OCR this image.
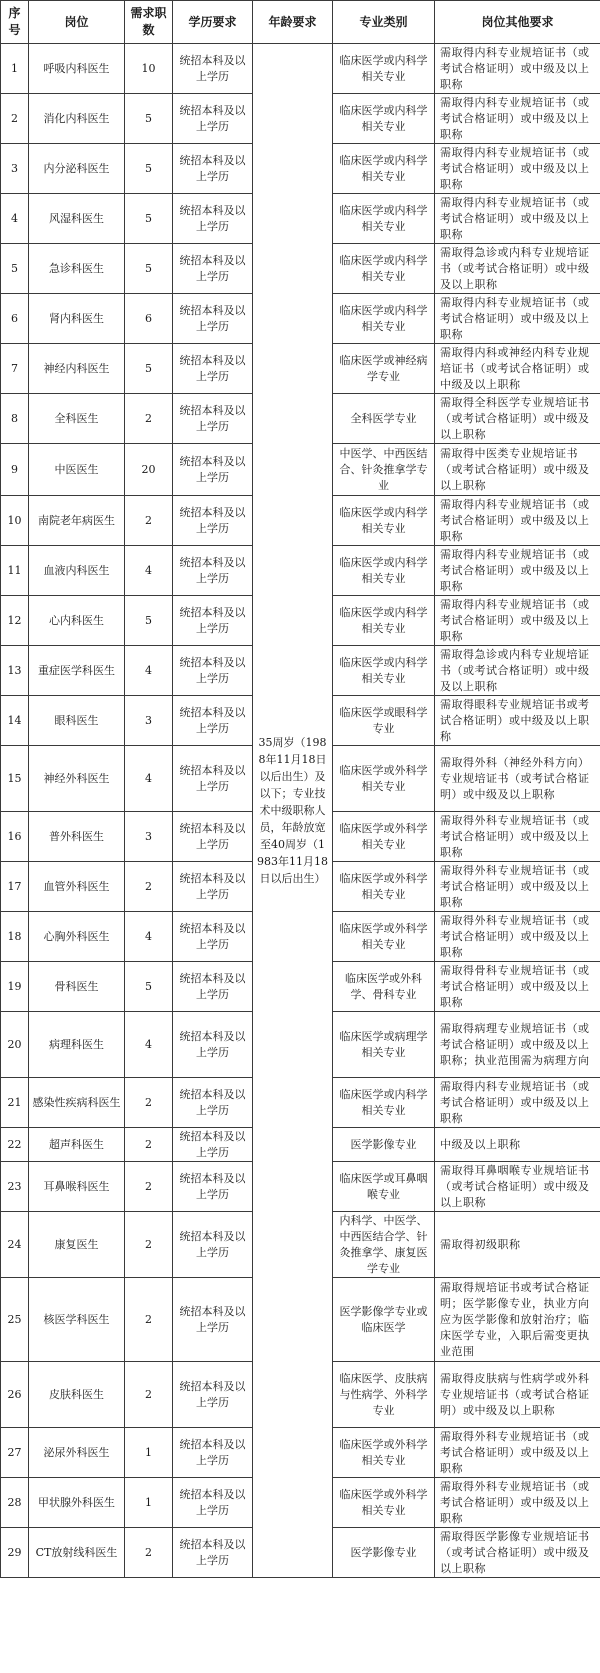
序号	岗位	需求职数	学历要求	年龄要求	专业类别	岗位其他要求
1	呼吸内科医生	10	统招本科及以上学历	35周岁（1988年11月18日以后出生）及以下；专业技术中级职称人员，年龄放宽至40周岁（1983年11月18日以后出生）	临床医学或内科学相关专业	需取得内科专业规培证书（或考试合格证明）或中级及以上职称
2	消化内科医生	5	统招本科及以上学历		临床医学或内科学相关专业	需取得内科专业规培证书（或考试合格证明）或中级及以上职称
3	内分泌科医生	5	统招本科及以上学历		临床医学或内科学相关专业	需取得内科专业规培证书（或考试合格证明）或中级及以上职称
4	风湿科医生	5	统招本科及以上学历		临床医学或内科学相关专业	需取得内科专业规培证书（或考试合格证明）或中级及以上职称
5	急诊科医生	5	统招本科及以上学历		临床医学或内科学相关专业	需取得急诊或内科专业规培证书（或考试合格证明）或中级及以上职称
6	肾内科医生	6	统招本科及以上学历		临床医学或内科学相关专业	需取得内科专业规培证书（或考试合格证明）或中级及以上职称
7	神经内科医生	5	统招本科及以上学历		临床医学或神经病学专业	需取得内科或神经内科专业规培证书（或考试合格证明）或中级及以上职称
8	全科医生	2	统招本科及以上学历		全科医学专业	需取得全科医学专业规培证书（或考试合格证明）或中级及以上职称
9	中医医生	20	统招本科及以上学历		中医学、中西医结合、针灸推拿学专业	需取得中医类专业规培证书（或考试合格证明）或中级及以上职称
10	南院老年病医生	2	统招本科及以上学历		临床医学或内科学相关专业	需取得内科专业规培证书（或考试合格证明）或中级及以上职称
11	血液内科医生	4	统招本科及以上学历		临床医学或内科学相关专业	需取得内科专业规培证书（或考试合格证明）或中级及以上职称
12	心内科医生	5	统招本科及以上学历		临床医学或内科学相关专业	需取得内科专业规培证书（或考试合格证明）或中级及以上职称
13	重症医学科医生	4	统招本科及以上学历		临床医学或内科学相关专业	需取得急诊或内科专业规培证书（或考试合格证明）或中级及以上职称
14	眼科医生	3	统招本科及以上学历		临床医学或眼科学专业	需取得眼科专业规培证书或考试合格证明）或中级及以上职称
15	神经外科医生	4	统招本科及以上学历		临床医学或外科学相关专业	需取得外科（神经外科方向）专业规培证书（或考试合格证明）或中级及以上职称
16	普外科医生	3	统招本科及以上学历		临床医学或外科学相关专业	需取得外科专业规培证书（或考试合格证明）或中级及以上职称
17	血管外科医生	2	统招本科及以上学历		临床医学或外科学相关专业	需取得外科专业规培证书（或考试合格证明）或中级及以上职称
18	心胸外科医生	4	统招本科及以上学历		临床医学或外科学相关专业	需取得外科专业规培证书（或考试合格证明）或中级及以上职称
19	骨科医生	5	统招本科及以上学历		临床医学或外科学、骨科专业	需取得骨科专业规培证书（或考试合格证明）或中级及以上职称
20	病理科医生	4	统招本科及以上学历		临床医学或病理学相关专业	需取得病理专业规培证书（或考试合格证明）或中级及以上职称；执业范围需为病理方向
21	感染性疾病科医生	2	统招本科及以上学历		临床医学或内科学相关专业	需取得内科专业规培证书（或考试合格证明）或中级及以上职称
22	超声科医生	2	统招本科及以上学历		医学影像专业	中级及以上职称
23	耳鼻喉科医生	2	统招本科及以上学历		临床医学或耳鼻咽喉专业	需取得耳鼻咽喉专业规培证书（或考试合格证明）或中级及以上职称
24	康复医生	2	统招本科及以上学历		内科学、中医学、中西医结合学、针灸推拿学、康复医学专业	需取得初级职称
25	核医学科医生	2	统招本科及以上学历		医学影像学专业或临床医学	需取得规培证书或考试合格证明；医学影像专业，执业方向应为医学影像和放射治疗；临床医学专业，入职后需变更执业范围
26	皮肤科医生	2	统招本科及以上学历		临床医学、皮肤病与性病学、外科学专业	需取得皮肤病与性病学或外科专业规培证书（或考试合格证明）或中级及以上职称
27	泌尿外科医生	1	统招本科及以上学历		临床医学或外科学相关专业	需取得外科专业规培证书（或考试合格证明）或中级及以上职称
28	甲状腺外科医生	1	统招本科及以上学历		临床医学或外科学相关专业	需取得外科专业规培证书（或考试合格证明）或中级及以上职称
29	CT放射线科医生	2	统招本科及以上学历		医学影像专业	需取得医学影像专业规培证书（或考试合格证明）或中级及以上职称
